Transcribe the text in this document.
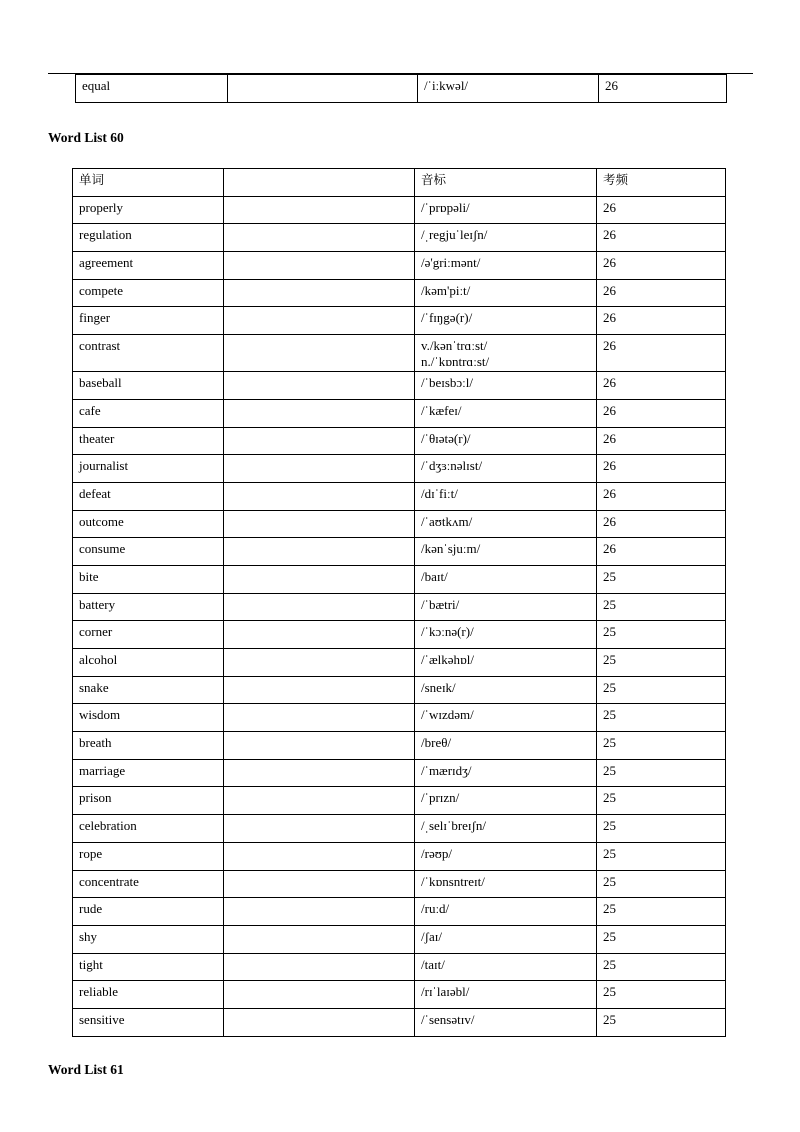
equal		/ˈiːkwəl/	26
Word List 60
单词		音标	考频
properly		/ˈprɒpəli/	26
regulation		/ˌregjuˈleɪʃn/	26
agreement		/ə'griːmənt/	26
compete		/kəm'piːt/	26
finger		/ˈfɪŋgə(r)/	26
contrast		v./kənˈtrɑːst/
n./ˈkɒntrɑːst/	26
baseball		/ˈbeɪsbɔːl/	26
cafe		/ˈkæfeɪ/	26
theater		/ˈθɪətə(r)/	26
journalist		/ˈdʒɜːnəlɪst/	26
defeat		/dɪˈfiːt/	26
outcome		/ˈaʊtkʌm/	26
consume		/kənˈsjuːm/	26
bite		/baɪt/	25
battery		/ˈbætri/	25
corner		/ˈkɔːnə(r)/	25
alcohol		/ˈælkəhɒl/	25
snake		/sneɪk/	25
wisdom		/ˈwɪzdəm/	25
breath		/breθ/	25
marriage		/ˈmærɪdʒ/	25
prison		/ˈprɪzn/	25
celebration		/ˌselɪˈbreɪʃn/	25
rope		/rəʊp/	25
concentrate		/ˈkɒnsntreɪt/	25
rude		/ruːd/	25
shy		/ʃaɪ/	25
tight		/taɪt/	25
reliable		/rɪˈlaɪəbl/	25
sensitive		/ˈsensətɪv/	25
Word List 61
